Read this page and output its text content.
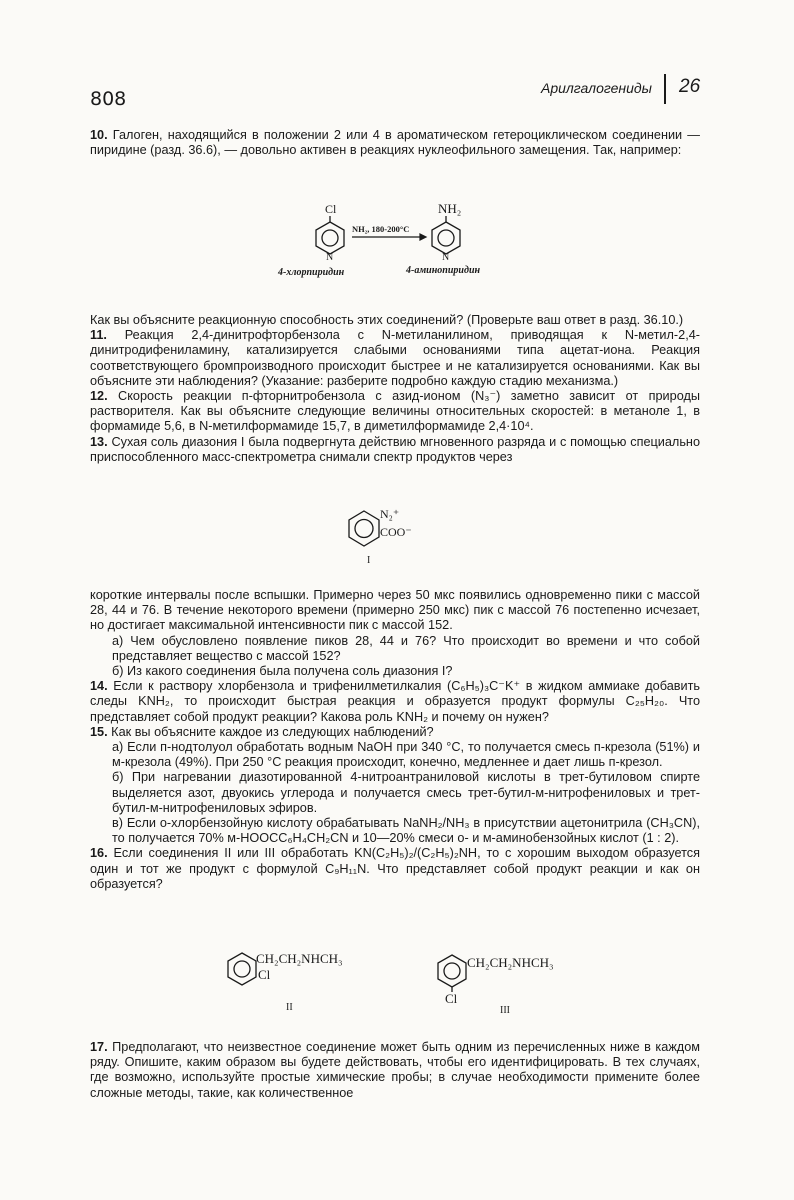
808	Арилгалогениды 26

10. Галоген, находящийся в положении 2 или 4 в ароматическом гетероциклическом соединении — пиридине (разд. 36.6), — довольно активен в реакциях нуклеофильного замещения. Так, например:

Cl
N
NH₂, 180-200°C
NH₂
N
4-хлорпиридин	4-аминопиридин

Как вы объясните реакционную способность этих соединений? (Проверьте ваш ответ в разд. 36.10.)

11. Реакция 2,4-динитрофторбензола с N-метиланилином, приводящая к N-метил-2,4-динитродифениламину, катализируется слабыми основаниями типа ацетат-иона. Реакция соответствующего бромпроизводного происходит быстрее и не катализируется основаниями. Как вы объясните эти наблюдения? (Указание: разберите подробно каждую стадию механизма.)

12. Скорость реакции п-фторнитробензола с азид-ионом (N₃⁻) заметно зависит от природы растворителя. Как вы объясните следующие величины относительных скоростей: в метаноле 1, в формамиде 5,6, в N-метилформамиде 15,7, в диметилформамиде 2,4·10⁴.

13. Сухая соль диазония I была подвергнута действию мгновенного разряда и с помощью специально приспособленного масс-спектрометра снимали спектр продуктов через

N₂⁺
COO⁻
I

короткие интервалы после вспышки. Примерно через 50 мкс появились одновременно пики с массой 28, 44 и 76. В течение некоторого времени (примерно 250 мкс) пик с массой 76 постепенно исчезает, но достигает максимальной интенсивности пик с массой 152.

а) Чем обусловлено появление пиков 28, 44 и 76? Что происходит во времени и что собой представляет вещество с массой 152?

б) Из какого соединения была получена соль диазония I?

14. Если к раствору хлорбензола и трифенилметилкалия (C₆H₅)₃C⁻K⁺ в жидком аммиаке добавить следы KNH₂, то происходит быстрая реакция и образуется продукт формулы C₂₅H₂₀. Что представляет собой продукт реакции? Какова роль KNH₂ и почему он нужен?

15. Как вы объясните каждое из следующих наблюдений?

а) Если п-нодтолуол обработать водным NaOH при 340 °C, то получается смесь п-крезола (51%) и м-крезола (49%). При 250 °C реакция происходит, конечно, медленнее и дает лишь п-крезол.

б) При нагревании диазотированной 4-нитроантраниловой кислоты в трет-бутиловом спирте выделяется азот, двуокись углерода и получается смесь трет-бутил-м-нитрофениловых и трет-бутил-м-нитрофениловых эфиров.

в) Если о-хлорбензойную кислоту обрабатывать NaNH₂/NH₃ в присутствии ацетонитрила (CH₃CN), то получается 70% м-HOOCC₆H₄CH₂CN и 10—20% смеси о- и м-аминобензойных кислот (1 : 2).

16. Если соединения II или III обработать KN(C₂H₅)₂/(C₂H₅)₂NH, то с хорошим выходом образуется один и тот же продукт с формулой C₉H₁₁N. Что представляет собой продукт реакции и как он образуется?

CH₂CH₂NHCH₃
Cl
II
CH₂CH₂NHCH₃
Cl
III

17. Предполагают, что неизвестное соединение может быть одним из перечисленных ниже в каждом ряду. Опишите, каким образом вы будете действовать, чтобы его идентифицировать. В тех случаях, где возможно, используйте простые химические пробы; в случае необходимости примените более сложные методы, такие, как количественное
